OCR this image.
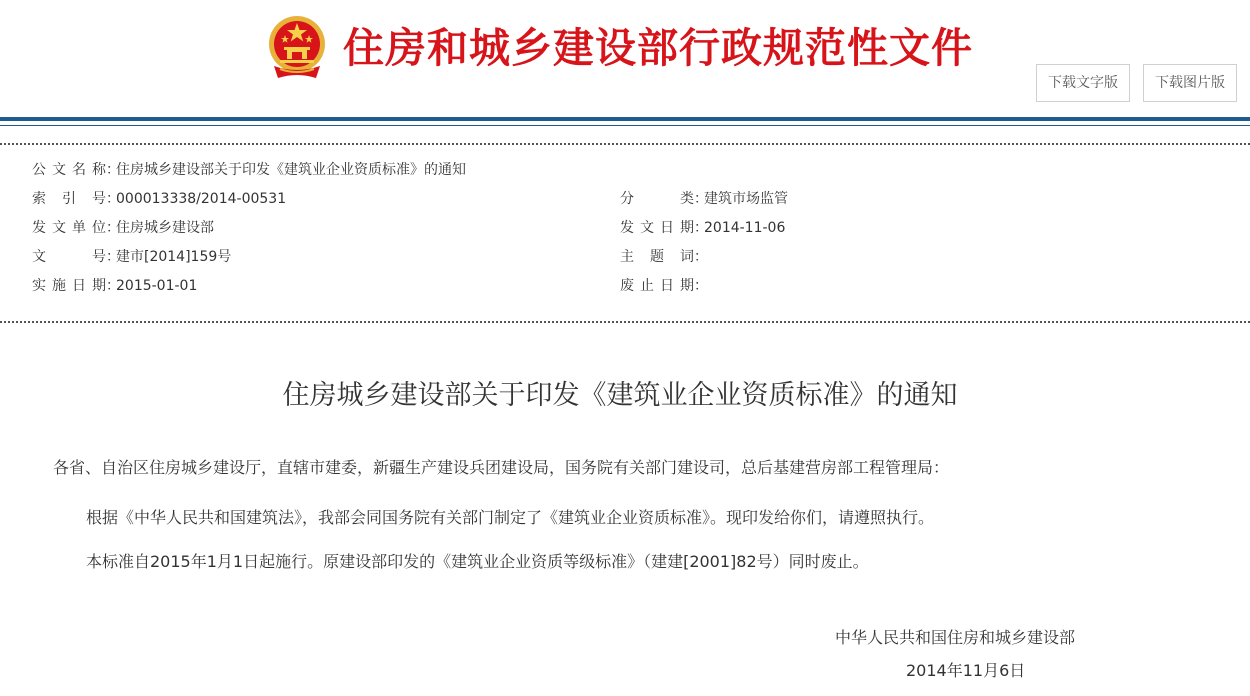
住房和城乡建设部行政规范性文件
下载文字版	下载图片版
公文名称：住房城乡建设部关于印发《建筑业企业资质标准》的通知
索 引 号：000013338/2014-00531	分 类：建筑市场监管
发文单位：住房城乡建设部	发文日期：2014-11-06
文 号：建市[2014]159号	主 题 词：
实施日期：2015-01-01	废止日期：
住房城乡建设部关于印发《建筑业企业资质标准》的通知

各省、自治区住房城乡建设厅，直辖市建委，新疆生产建设兵团建设局，国务院有关部门建设司，总后基建营房部工程管理局：

根据《中华人民共和国建筑法》，我部会同国务院有关部门制定了《建筑业企业资质标准》。现印发给你们，请遵照执行。

本标准自2015年1月1日起施行。原建设部印发的《建筑业企业资质等级标准》（建建[2001]82号）同时废止。

中华人民共和国住房和城乡建设部

2014年11月6日
